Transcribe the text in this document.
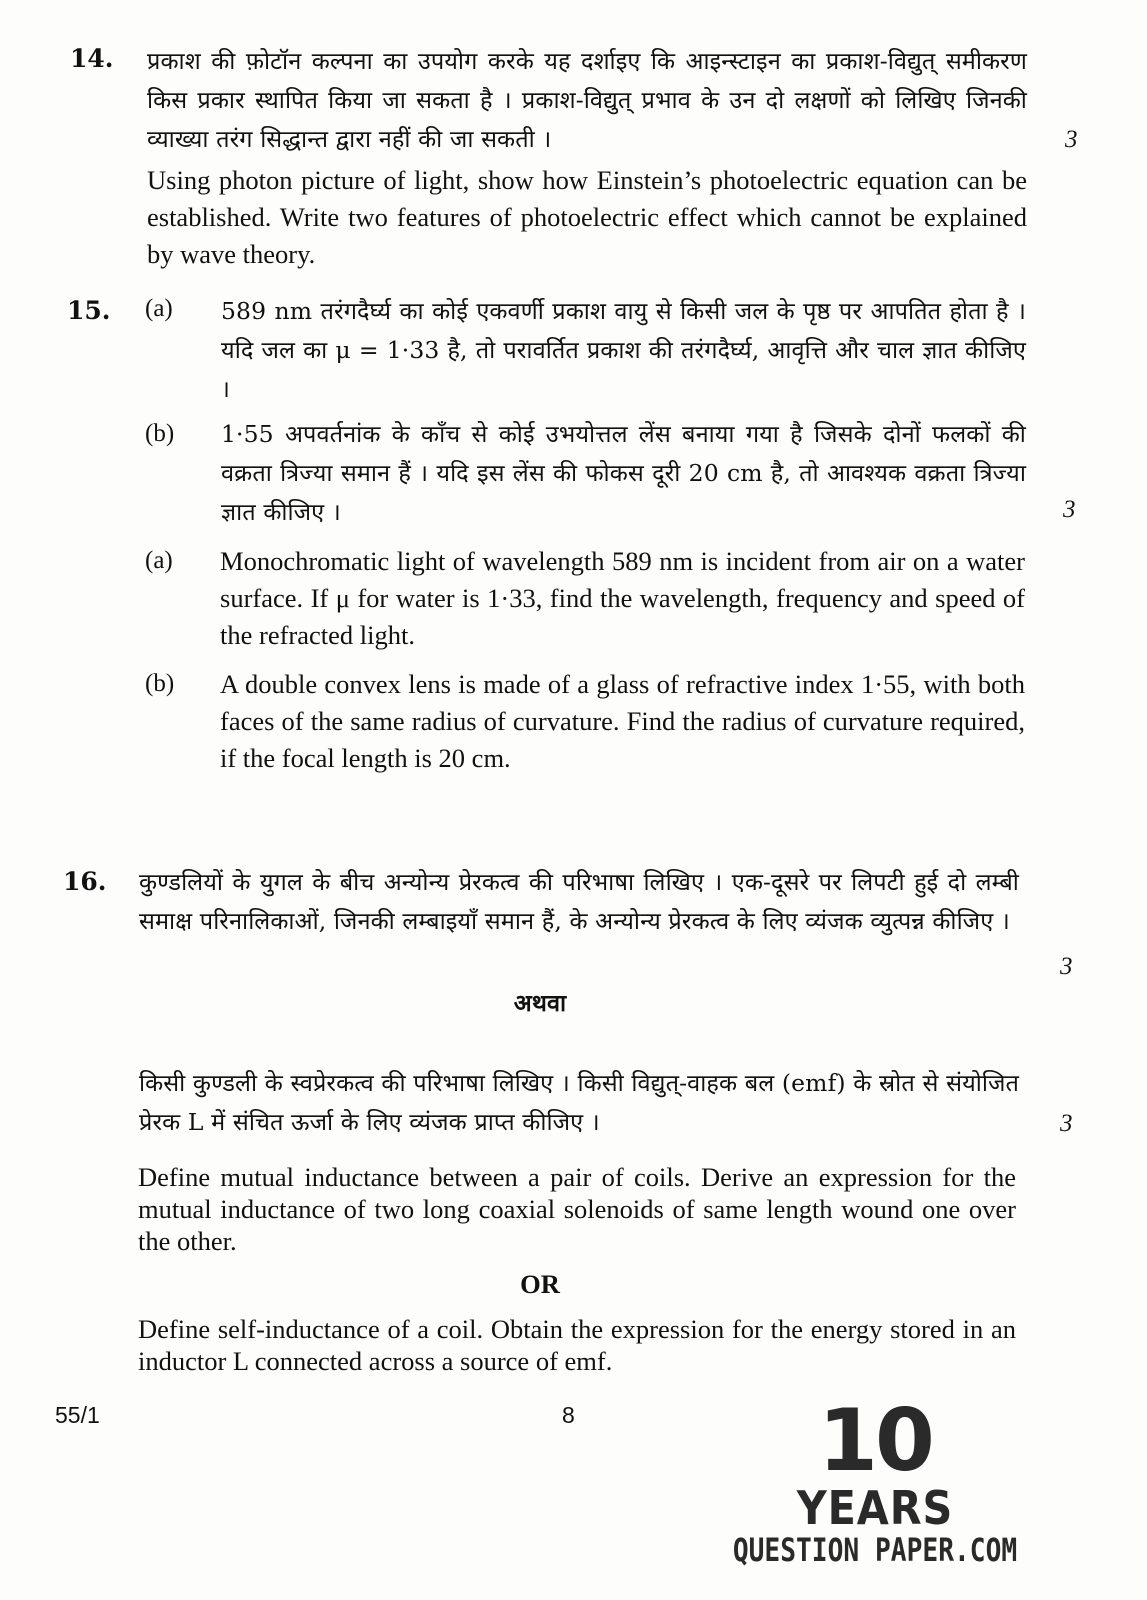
14. प्रकाश की फ़ोटॉन कल्पना का उपयोग करके यह दर्शाइए कि आइन्स्टाइन का प्रकाश-विद्युत् समीकरण किस प्रकार स्थापित किया जा सकता है । प्रकाश-विद्युत् प्रभाव के उन दो लक्षणों को लिखिए जिनकी व्याख्या तरंग सिद्धान्त द्वारा नहीं की जा सकती ।	3
Using photon picture of light, show how Einstein’s photoelectric equation can be established. Write two features of photoelectric effect which cannot be explained by wave theory.
15. (a) 589 nm तरंगदैर्घ्य का कोई एकवर्णी प्रकाश वायु से किसी जल के पृष्ठ पर आपतित होता है । यदि जल का μ = 1·33 है, तो परावर्तित प्रकाश की तरंगदैर्घ्य, आवृत्ति और चाल ज्ञात कीजिए ।
(b) 1·55 अपवर्तनांक के काँच से कोई उभयोत्तल लेंस बनाया गया है जिसके दोनों फलकों की वक्रता त्रिज्या समान हैं । यदि इस लेंस की फोकस दूरी 20 cm है, तो आवश्यक वक्रता त्रिज्या ज्ञात कीजिए ।	3
(a) Monochromatic light of wavelength 589 nm is incident from air on a water surface. If μ for water is 1·33, find the wavelength, frequency and speed of the refracted light.
(b) A double convex lens is made of a glass of refractive index 1·55, with both faces of the same radius of curvature. Find the radius of curvature required, if the focal length is 20 cm.
16. कुण्डलियों के युगल के बीच अन्योन्य प्रेरकत्व की परिभाषा लिखिए । एक-दूसरे पर लिपटी हुई दो लम्बी समाक्ष परिनालिकाओं, जिनकी लम्बाइयाँ समान हैं, के अन्योन्य प्रेरकत्व के लिए व्यंजक व्युत्पन्न कीजिए ।
3
अथवा
किसी कुण्डली के स्वप्रेरकत्व की परिभाषा लिखिए । किसी विद्युत्-वाहक बल (emf) के स्रोत से संयोजित प्रेरक L में संचित ऊर्जा के लिए व्यंजक प्राप्त कीजिए ।	3
Define mutual inductance between a pair of coils. Derive an expression for the mutual inductance of two long coaxial solenoids of same length wound one over the other.
OR
Define self-inductance of a coil. Obtain the expression for the energy stored in an inductor L connected across a source of emf.
55/1	8	10
YEARS
QUESTION PAPER.COM
